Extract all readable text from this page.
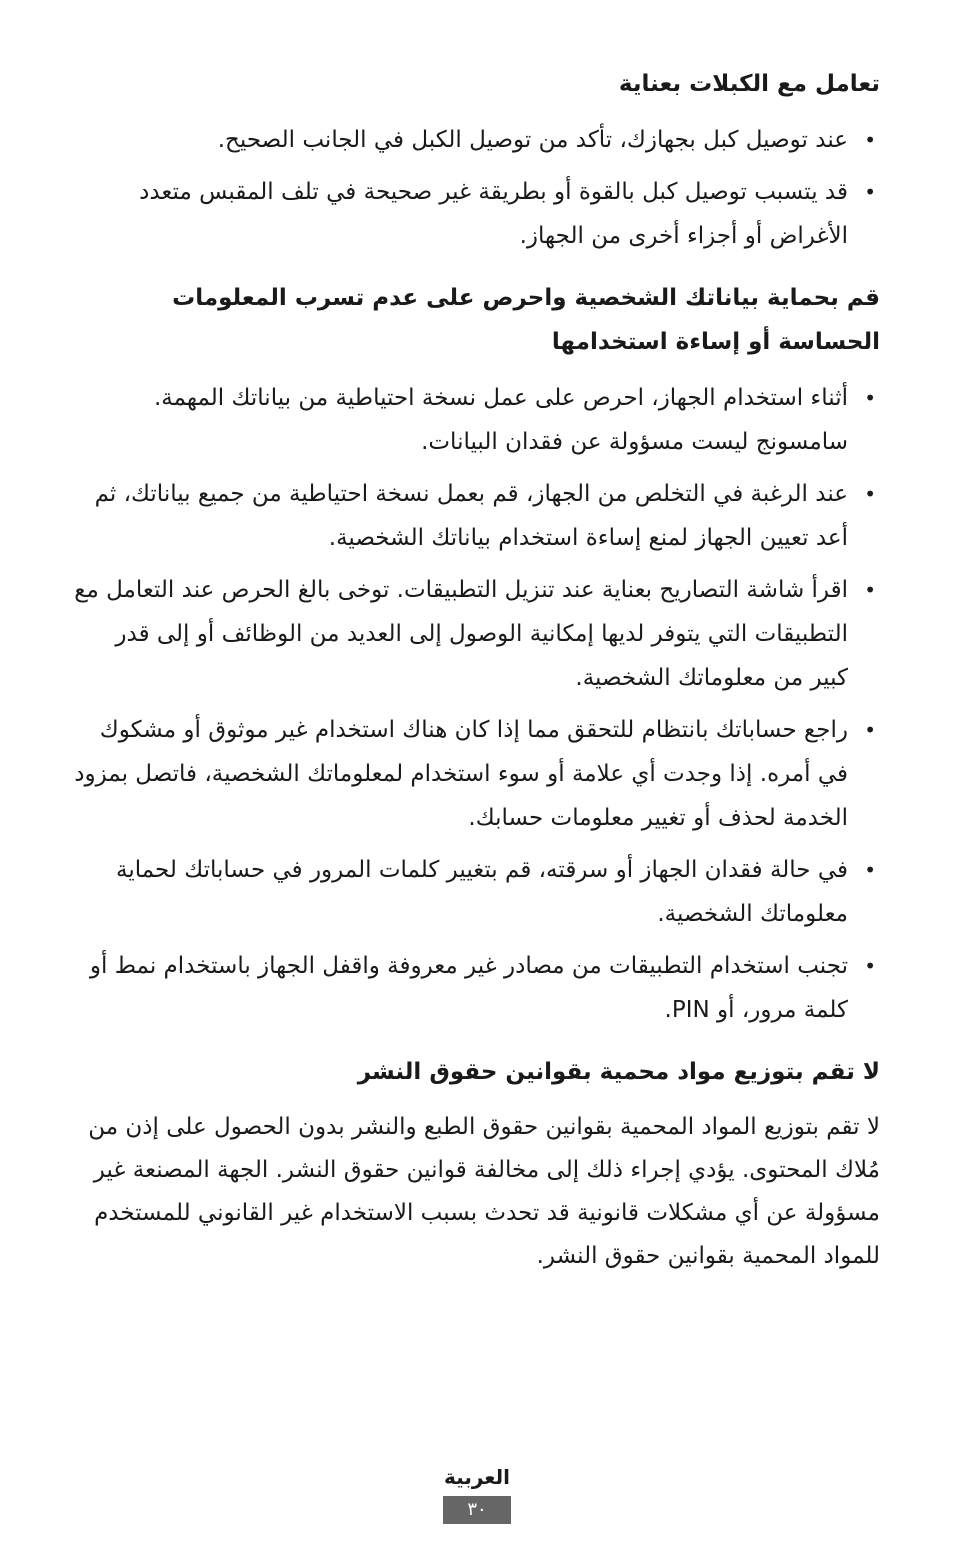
تعامل مع الكبلات بعناية
•
عند توصيل كبل بجهازك، تأكد من توصيل الكبل في الجانب الصحيح.
•
قد يتسبب توصيل كبل بالقوة أو بطريقة غير صحيحة في تلف المقبس متعدد الأغراض أو أجزاء أخرى من الجهاز.
قم بحماية بياناتك الشخصية واحرص على عدم تسرب المعلومات الحساسة أو إساءة استخدامها
•
أثناء استخدام الجهاز، احرص على عمل نسخة احتياطية من بياناتك المهمة. سامسونج ليست مسؤولة عن فقدان البيانات.
•
عند الرغبة في التخلص من الجهاز، قم بعمل نسخة احتياطية من جميع بياناتك، ثم أعد تعيين الجهاز لمنع إساءة استخدام بياناتك الشخصية.
•
اقرأ شاشة التصاريح بعناية عند تنزيل التطبيقات. توخى بالغ الحرص عند التعامل مع التطبيقات التي يتوفر لديها إمكانية الوصول إلى العديد من الوظائف أو إلى قدر كبير من معلوماتك الشخصية.
•
راجع حساباتك بانتظام للتحقق مما إذا كان هناك استخدام غير موثوق أو مشكوك في أمره. إذا وجدت أي علامة أو سوء استخدام لمعلوماتك الشخصية، فاتصل بمزود الخدمة لحذف أو تغيير معلومات حسابك.
•
في حالة فقدان الجهاز أو سرقته، قم بتغيير كلمات المرور في حساباتك لحماية معلوماتك الشخصية.
•
تجنب استخدام التطبيقات من مصادر غير معروفة واقفل الجهاز باستخدام نمط أو كلمة مرور، أو PIN.
لا تقم بتوزيع مواد محمية بقوانين حقوق النشر

لا تقم بتوزيع المواد المحمية بقوانين حقوق الطبع والنشر بدون الحصول على إذن من مُلاك المحتوى. يؤدي إجراء ذلك إلى مخالفة قوانين حقوق النشر. الجهة المصنعة غير مسؤولة عن أي مشكلات قانونية قد تحدث بسبب الاستخدام غير القانوني للمستخدم للمواد المحمية بقوانين حقوق النشر.

العربية
٣٠
